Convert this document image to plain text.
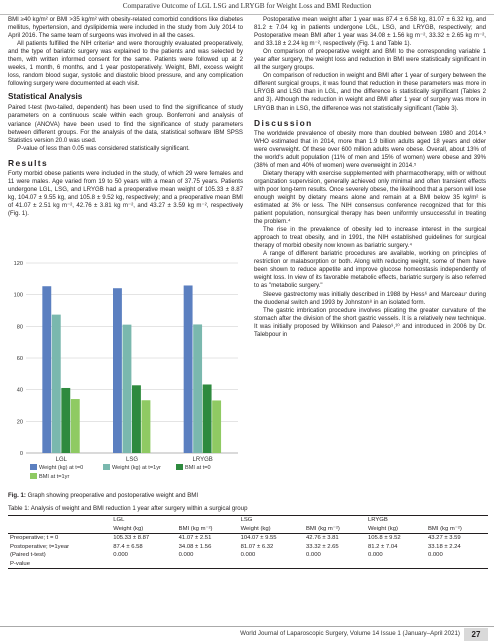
Comparative Outcome of LGL LSG and LRYGB for Weight Loss and BMI Reduction

BMI ≥40 kg/m² or BMI >35 kg/m² with obesity-related comorbid conditions like diabetes mellitus, hypertension, and dyslipidemia were included in the study from July 2014 to April 2016. The same team of surgeons was involved in all the cases.

All patients fulfilled the NIH criteria⁴ and were thoroughly evaluated preoperatively, and the type of bariatric surgery was explained to the patients and was selected by them, with written informed consent for the same. Patients were followed up at 2 weeks, 1 month, 6 months, and 1 year postoperatively. Weight, BMI, excess weight loss, random blood sugar, systolic and diastolic blood pressure, and any complication following surgery were documented at each visit.

Statistical Analysis

Paired t-test (two-tailed, dependent) has been used to find the significance of study parameters on a continuous scale within each group. Bonferroni and analysis of variance (ANOVA) have been used to find the significance of study parameters between different groups. For the analysis of the data, statistical software IBM SPSS Statistics version 20.0 was used.

P-value of less than 0.05 was considered statistically significant.

Results

Forty morbid obese patients were included in the study, of which 29 were females and 11 were males. Age varied from 19 to 50 years with a mean of 37.75 years. Patients undergone LGL, LSG, and LRYGB had a preoperative mean weight of 105.33 ± 8.87 kg, 104.07 ± 9.55 kg, and 105.8 ± 9.52 kg, respectively; and a preoperative mean BMI of 41.07 ± 2.51 kg m⁻², 42.76 ± 3.81 kg m⁻², and 43.27 ± 3.59 kg m⁻², respectively (Fig. 1).

0
20
40
60
80
100
120
LGL	LSG	LRYGB
Weight (kg) at t=0	Weight (kg) at t=1yr	BMI at t=0
BMI at t=1yr
Fig. 1: Graph showing preoperative and postoperative weight and BMI

Postoperative mean weight after 1 year was 87.4 ± 6.58 kg, 81.07 ± 6.32 kg, and 81.2 ± 7.04 kg in patients undergone LGL, LSG, and LRYGB, respectively; and Postoperative mean BMI after 1 year was 34.08 ± 1.56 kg m⁻², 33.32 ± 2.65 kg m⁻², and 33.18 ± 2.24 kg m⁻², respectively (Fig. 1 and Table 1).

On comparison of preoperative weight and BMI to the corresponding variable 1 year after surgery, the weight loss and reduction in BMI were statistically significant in all the surgery groups.

On comparison of reduction in weight and BMI after 1 year of surgery between the different surgical groups, it was found that reduction in these parameters was more in LRYGB and LSG than in LGL, and the difference is statistically significant (Tables 2 and 3). Although the reduction in weight and BMI after 1 year of surgery was more in LRYGB than in LSG, the difference was not statistically significant (Table 3).

Discussion

The worldwide prevalence of obesity more than doubled between 1980 and 2014.⁵ WHO estimated that in 2014, more than 1.9 billion adults aged 18 years and older were overweight. Of these over 600 million adults were obese. Overall, about 13% of the world's adult population (11% of men and 15% of women) were obese and 39% (38% of men and 40% of women) were overweight in 2014.⁵

Dietary therapy with exercise supplemented with pharmacotherapy, with or without organization supervision, generally achieved only minimal and often transient effects with poor long-term results. Once severely obese, the likelihood that a person will lose enough weight by dietary means alone and remain at a BMI below 35 kg/m² is estimated at 3% or less. The NIH consensus conference recognized that for this patient population, nonsurgical therapy has been uniformly unsuccessful in treating the problem.⁴

The rise in the prevalence of obesity led to increase interest in the surgical approach to treat obesity, and in 1991, the NIH established guidelines for surgical therapy of morbid obesity now known as bariatric surgery.⁴

A range of different bariatric procedures are available, working on principles of restriction or malabsorption or both. Along with reducing weight, some of them have been shown to reduce appetite and improve glucose homeostasis independently of weight loss. In view of its favorable metabolic effects, bariatric surgery is also referred to as "metabolic surgery."

Sleeve gastrectomy was initially described in 1988 by Hess⁶ and Marceau⁷ during the duodenal switch and 1993 by Johnston⁸ in an isolated form.

The gastric imbrication procedure involves plicating the greater curvature of the stomach after the division of the short gastric vessels. It is a relatively new technique. It was initially proposed by Wilkinson and Paleso⁹,¹⁰ and introduced in 2006 by Dr. Talebpour in

Table 1: Analysis of weight and BMI reduction 1 year after surgery within a surgical group
	LGL		LSG		LRYGB	
	Weight (kg)	BMI (kg m⁻²)	Weight (kg)	BMI (kg m⁻²)	Weight (kg)	BMI (kg m⁻²)
Preoperative; t = 0	105.33 ± 8.87	41.07 ± 2.51	104.07 ± 9.55	42.76 ± 3.81	105.8 ± 9.52	43.27 ± 3.59
Postoperative; t=1year	87.4 ± 6.58	34.08 ± 1.56	81.07 ± 6.32	33.32 ± 2.65	81.2 ± 7.04	33.18 ± 2.24
(Paired t-test)	0.000	0.000	0.000	0.000	0.000	0.000
P-value						
World Journal of Laparoscopic Surgery, Volume 14 Issue 1 (January–April 2021)	27
